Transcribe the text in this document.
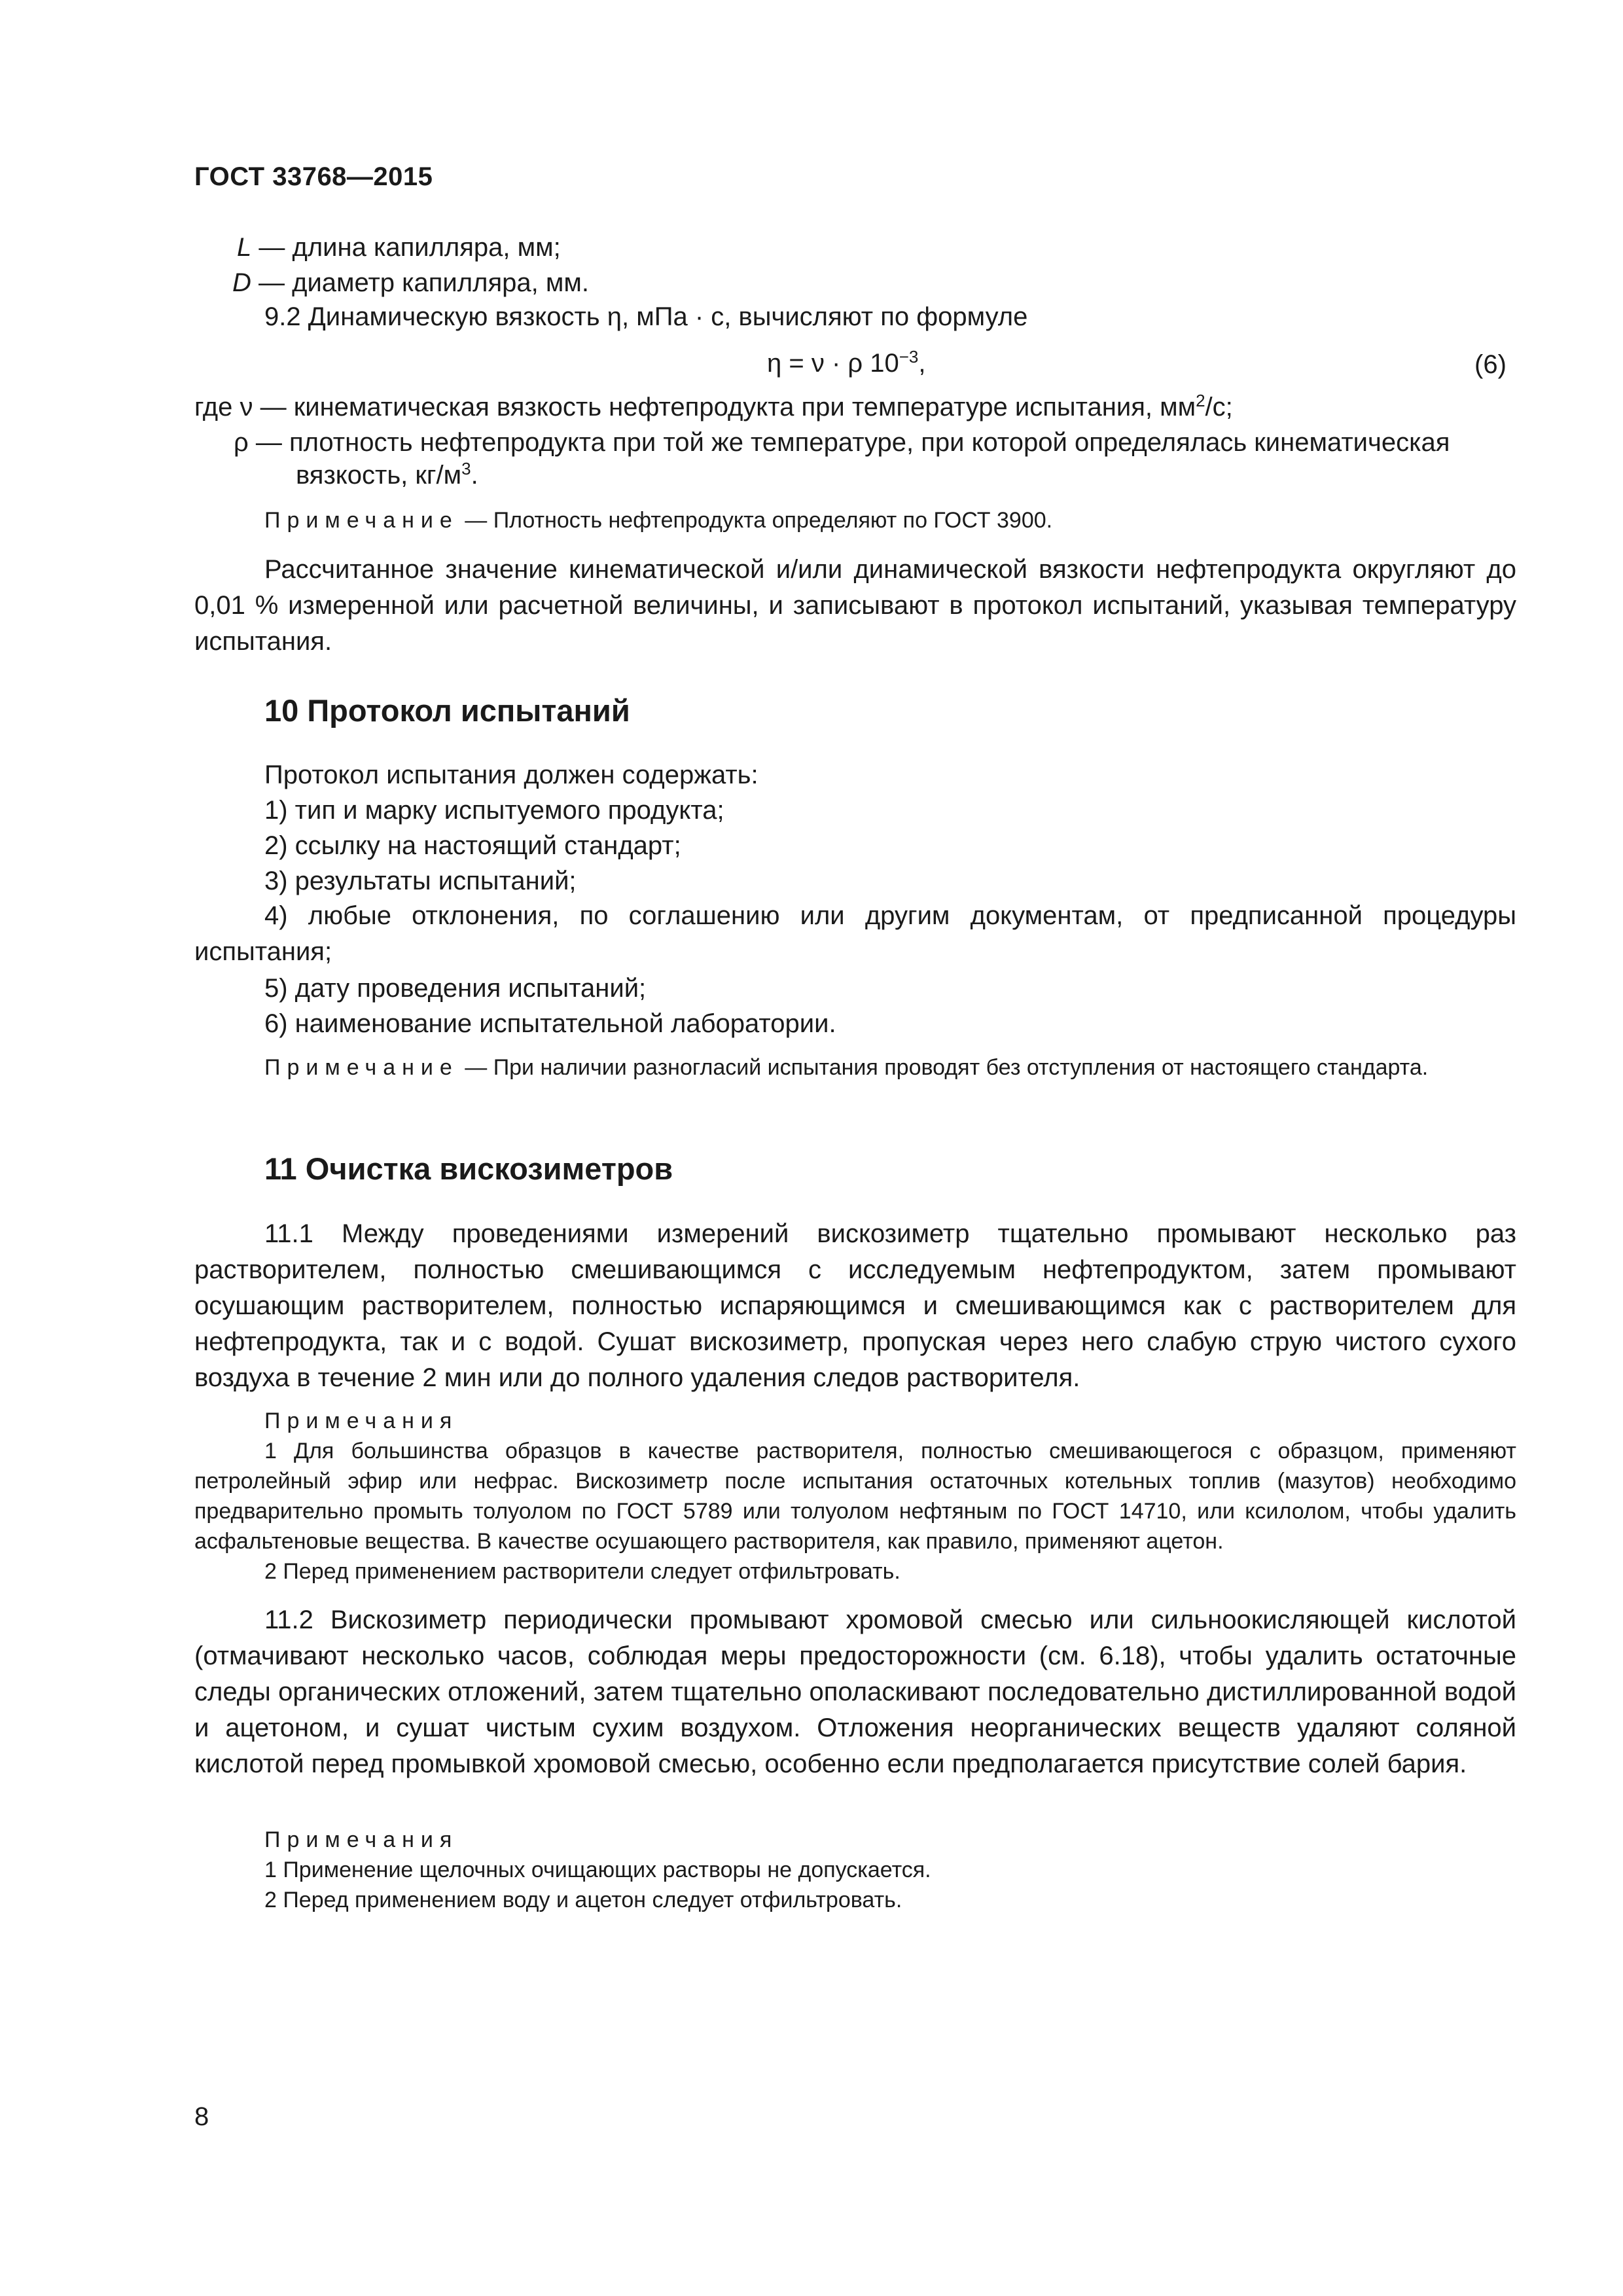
ГОСТ 33768—2015
L — длина капилляра, мм;
D — диаметр капилляра, мм.
9.2 Динамическую вязкость η, мПа · с, вычисляют по формуле
η = ν · ρ $10^{-3}$,	(6)
где ν — кинематическая вязкость нефтепродукта при температуре испытания, $мм^2/с$;
ρ — плотность нефтепродукта при той же температуре, при которой определялась кинематическая
вязкость, $кг/м^3$.
Примечание — Плотность нефтепродукта определяют по ГОСТ 3900.
Рассчитанное значение кинематической и/или динамической вязкости нефтепродукта округляют до 0,01 % измеренной или расчетной величины, и записывают в протокол испытаний, указывая температуру испытания.
10 Протокол испытаний
Протокол испытания должен содержать:
1) тип и марку испытуемого продукта;
2) ссылку на настоящий стандарт;
3) результаты испытаний;
4) любые отклонения, по соглашению или другим документам, от предписанной процедуры испытания;
5) дату проведения испытаний;
6) наименование испытательной лаборатории.
Примечание — При наличии разногласий испытания проводят без отступления от настоящего стандарта.
11 Очистка вискозиметров
11.1 Между проведениями измерений вискозиметр тщательно промывают несколько раз растворителем, полностью смешивающимся с исследуемым нефтепродуктом, затем промывают осушающим растворителем, полностью испаряющимся и смешивающимся как с растворителем для нефтепродукта, так и с водой. Сушат вискозиметр, пропуская через него слабую струю чистого сухого воздуха в течение 2 мин или до полного удаления следов растворителя.
Примечания
1 Для большинства образцов в качестве растворителя, полностью смешивающегося с образцом, применяют петролейный эфир или нефрас. Вискозиметр после испытания остаточных котельных топлив (мазутов) необходимо предварительно промыть толуолом по ГОСТ 5789 или толуолом нефтяным по ГОСТ 14710, или ксилолом, чтобы удалить асфальтеновые вещества. В качестве осушающего растворителя, как правило, применяют ацетон.
2 Перед применением растворители следует отфильтровать.
11.2 Вискозиметр периодически промывают хромовой смесью или сильноокисляющей кислотой (отмачивают несколько часов, соблюдая меры предосторожности (см. 6.18), чтобы удалить остаточные следы органических отложений, затем тщательно ополаскивают последовательно дистиллированной водой и ацетоном, и сушат чистым сухим воздухом. Отложения неорганических веществ удаляют соляной кислотой перед промывкой хромовой смесью, особенно если предполагается присутствие солей бария.
Примечания
1 Применение щелочных очищающих растворы не допускается.
2 Перед применением воду и ацетон следует отфильтровать.
8
